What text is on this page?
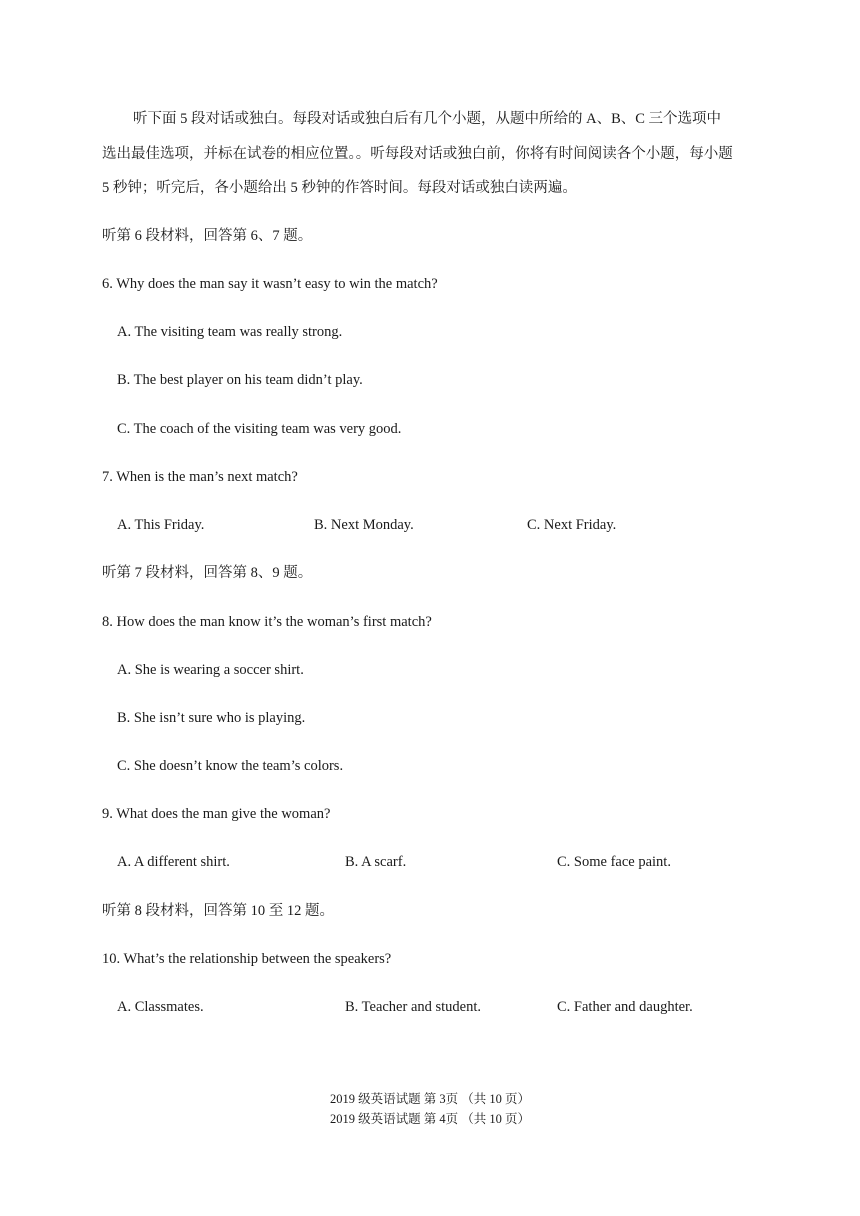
听下面 5 段对话或独白。每段对话或独白后有几个小题，从题中所给的 A、B、C 三个选项中
选出最佳选项，并标在试卷的相应位置。。听每段对话或独白前，你将有时间阅读各个小题，每小题
5 秒钟；听完后，各小题给出 5 秒钟的作答时间。每段对话或独白读两遍。
听第 6 段材料，回答第 6、7 题。
6. Why does the man say it wasn’t easy to win the match?
A. The visiting team was really strong.
B. The best player on his team didn’t play.
C. The coach of the visiting team was very good.
7. When is the man’s next match?
A. This Friday.	B. Next Monday.	C. Next Friday.
听第 7 段材料，回答第 8、9 题。
8. How does the man know it’s the woman’s first match?
A. She is wearing a soccer shirt.
B. She isn’t sure who is playing.
C. She doesn’t know the team’s colors.
9. What does the man give the woman?
A. A different shirt.	B. A scarf.	C. Some face paint.
听第 8 段材料，回答第 10 至 12 题。
10. What’s the relationship between the speakers?
A. Classmates.	B. Teacher and student.	C. Father and daughter.
2019 级英语试题 第 3页 （共 10 页）
2019 级英语试题 第 4页 （共 10 页）
